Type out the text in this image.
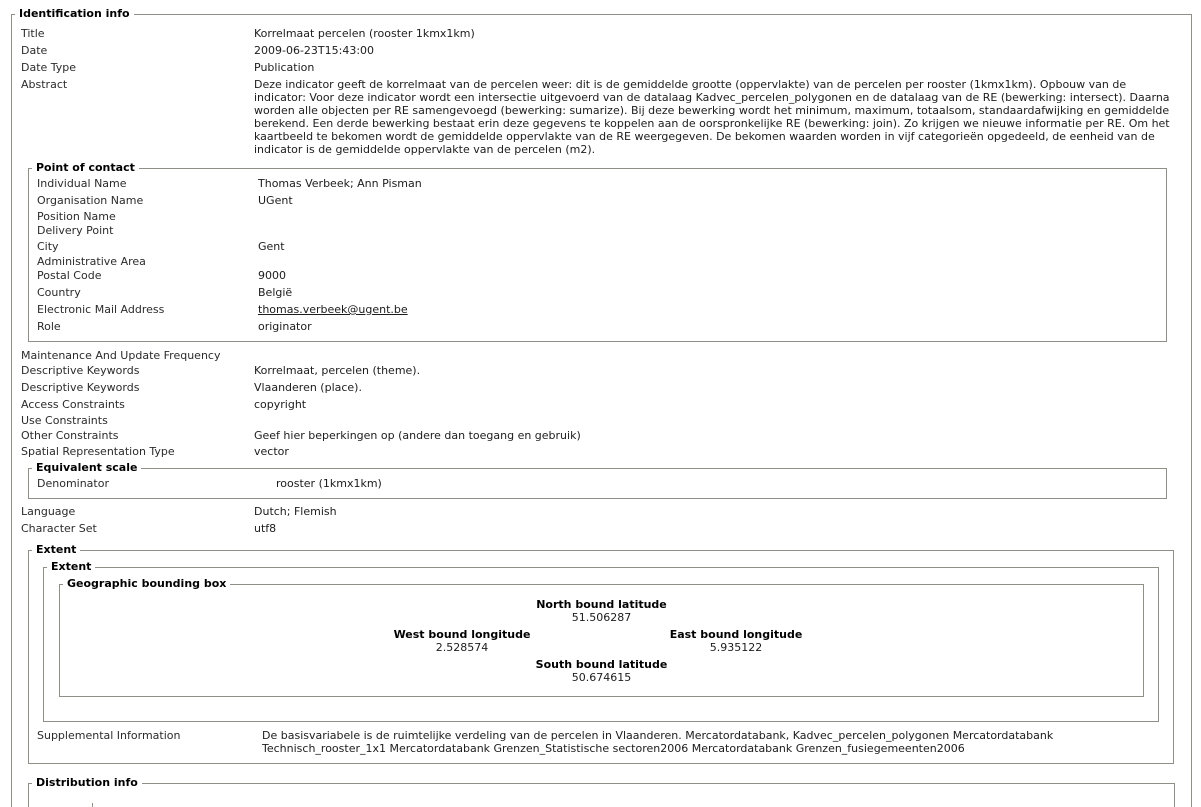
Identification info
Title	Korrelmaat percelen (rooster 1kmx1km)
Date	2009-06-23T15:43:00
Date Type	Publication
Abstract	Deze indicator geeft de korrelmaat van de percelen weer: dit is de gemiddelde grootte (oppervlakte) van de percelen per rooster (1kmx1km). Opbouw van de indicator: Voor deze indicator wordt een intersectie uitgevoerd van de datalaag Kadvec_percelen_polygonen en de datalaag van de RE (bewerking: intersect). Daarna worden alle objecten per RE samengevoegd (bewerking: sumarize). Bij deze bewerking wordt het minimum, maximum, totaalsom, standaardafwijking en gemiddelde berekend. Een derde bewerking bestaat erin deze gegevens te koppelen aan de oorspronkelijke RE (bewerking: join). Zo krijgen we nieuwe informatie per RE. Om het kaartbeeld te bekomen wordt de gemiddelde oppervlakte van de RE weergegeven. De bekomen waarden worden in vijf categorieën opgedeeld, de eenheid van de indicator is de gemiddelde oppervlakte van de percelen (m2).
Point of contact
Individual Name	Thomas Verbeek; Ann Pisman
Organisation Name	UGent
Position Name
Delivery Point
City	Gent
Administrative Area
Postal Code	9000
Country	België
Electronic Mail Address	thomas.verbeek@ugent.be
Role	originator
Maintenance And Update Frequency
Descriptive Keywords	Korrelmaat, percelen (theme).
Descriptive Keywords	Vlaanderen (place).
Access Constraints	copyright
Use Constraints
Other Constraints	Geef hier beperkingen op (andere dan toegang en gebruik)
Spatial Representation Type	vector
Equivalent scale
Denominator	rooster (1kmx1km)
Language	Dutch; Flemish
Character Set	utf8
Extent
Extent
Geographic bounding box
North bound latitude
51.506287
West bound longitude
2.528574
East bound longitude
5.935122
South bound latitude
50.674615
Supplemental Information	De basisvariabele is de ruimtelijke verdeling van de percelen in Vlaanderen. Mercatordatabank, Kadvec_percelen_polygonen Mercatordatabank Technisch_rooster_1x1 Mercatordatabank Grenzen_Statistische sectoren2006 Mercatordatabank Grenzen_fusiegemeenten2006
Distribution info
